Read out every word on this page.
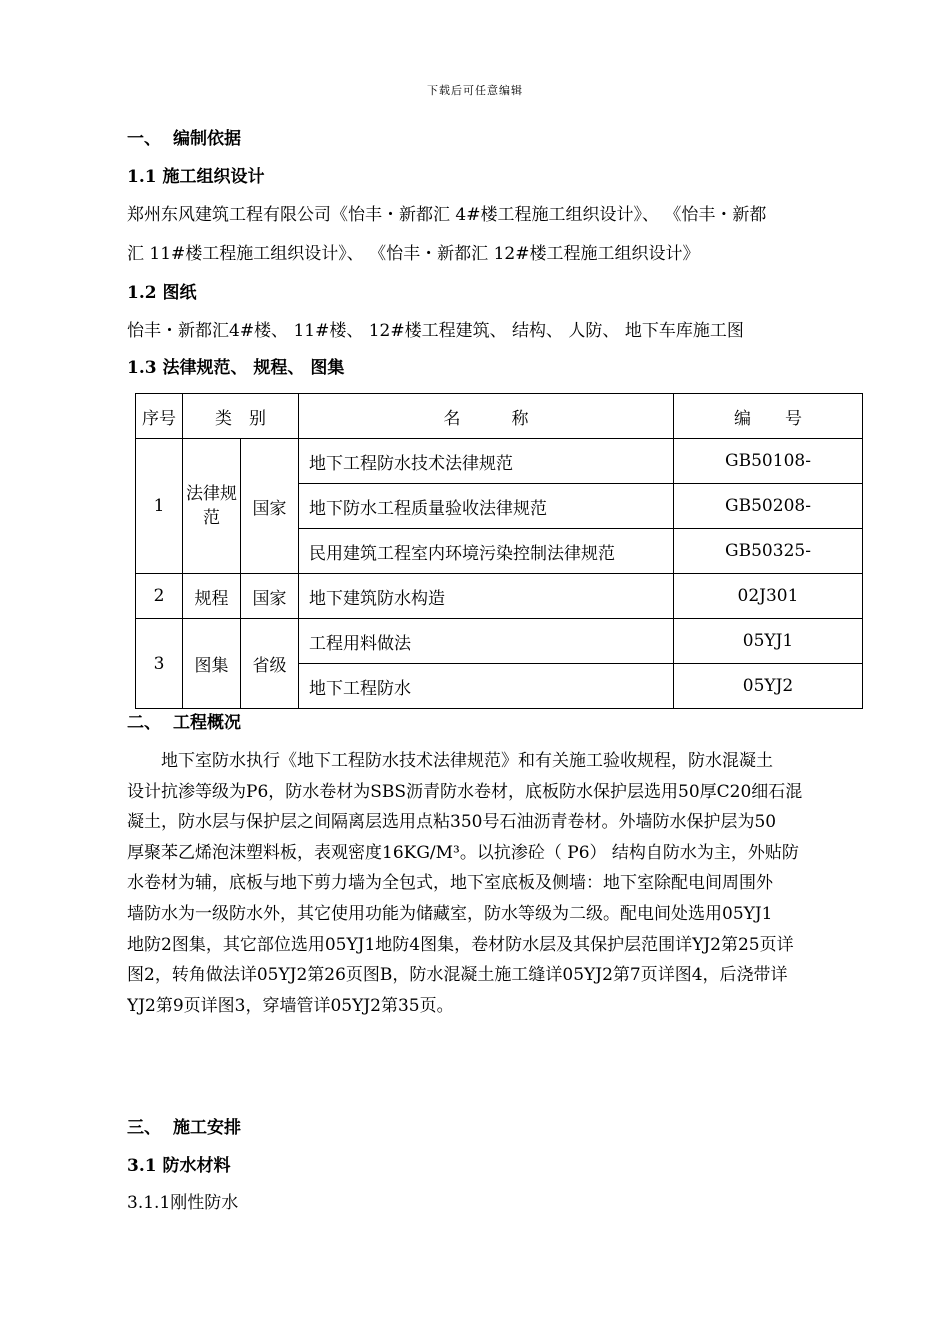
下载后可任意编辑
一、 编制依据
1.1 施工组织设计
郑州东风建筑工程有限公司《怡丰・新都汇 4#楼工程施工组织设计》、 《怡丰・新都
汇 11#楼工程施工组织设计》、 《怡丰・新都汇 12#楼工程施工组织设计》
1.2 图纸
怡丰・新都汇4#楼、 11#楼、 12#楼工程建筑、 结构、 人防、 地下车库施工图
1.3 法律规范、 规程、 图集
序号	类　别		名　　　称	编　　号
1	法律规范	国家	地下工程防水技术法律规范	GB50108-
			地下防水工程质量验收法律规范	GB50208-
			民用建筑工程室内环境污染控制法律规范	GB50325-
2	规程	国家	地下建筑防水构造	02J301
3	图集	省级	工程用料做法	05YJ1
			地下工程防水	05YJ2
二、 工程概况
　　地下室防水执行《地下工程防水技术法律规范》和有关施工验收规程，防水混凝土
设计抗渗等级为P6，防水卷材为SBS沥青防水卷材，底板防水保护层选用50厚C20细石混
凝土，防水层与保护层之间隔离层选用点粘350号石油沥青卷材。外墙防水保护层为50
厚聚苯乙烯泡沫塑料板，表观密度16KG/M³。以抗渗砼（ P6） 结构自防水为主，外贴防
水卷材为辅，底板与地下剪力墙为全包式，地下室底板及侧墙：地下室除配电间周围外
墙防水为一级防水外，其它使用功能为储藏室，防水等级为二级。配电间处选用05YJ1
地防2图集，其它部位选用05YJ1地防4图集，卷材防水层及其保护层范围详YJ2第25页详
图2，转角做法详05YJ2第26页图B，防水混凝土施工缝详05YJ2第7页详图4，后浇带详
YJ2第9页详图3，穿墙管详05YJ2第35页。
三、 施工安排
3.1 防水材料
3.1.1刚性防水
